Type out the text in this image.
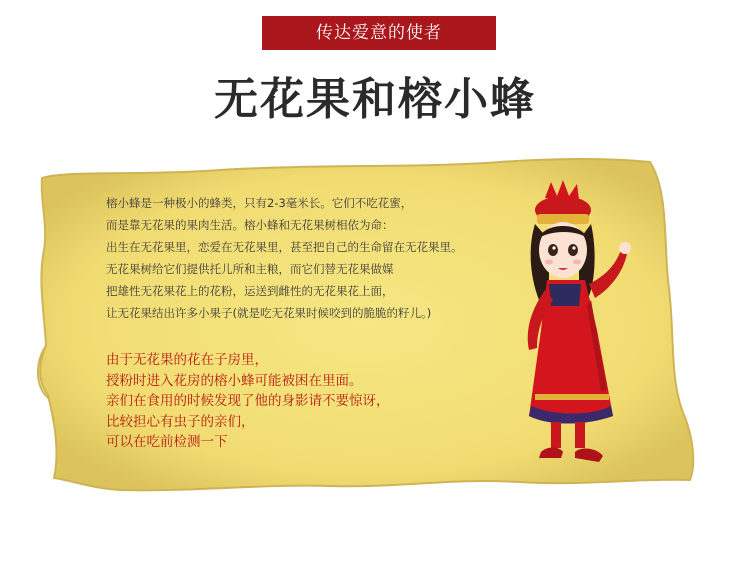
传达爱意的使者
无花果和榕小蜂
榕小蜂是一种极小的蜂类，只有2-3毫米长。它们不吃花蜜，
而是靠无花果的果肉生活。榕小蜂和无花果树相依为命：
出生在无花果里，恋爱在无花果里，甚至把自己的生命留在无花果里。
无花果树给它们提供托儿所和主粮，而它们替无花果做媒
把雄性无花果花上的花粉，运送到雌性的无花果花上面，
让无花果结出许多小果子(就是吃无花果时候咬到的脆脆的籽儿。)
由于无花果的花在子房里，
授粉时进入花房的榕小蜂可能被困在里面。
亲们在食用的时候发现了他的身影请不要惊讶，
比较担心有虫子的亲们，
可以在吃前检测一下
